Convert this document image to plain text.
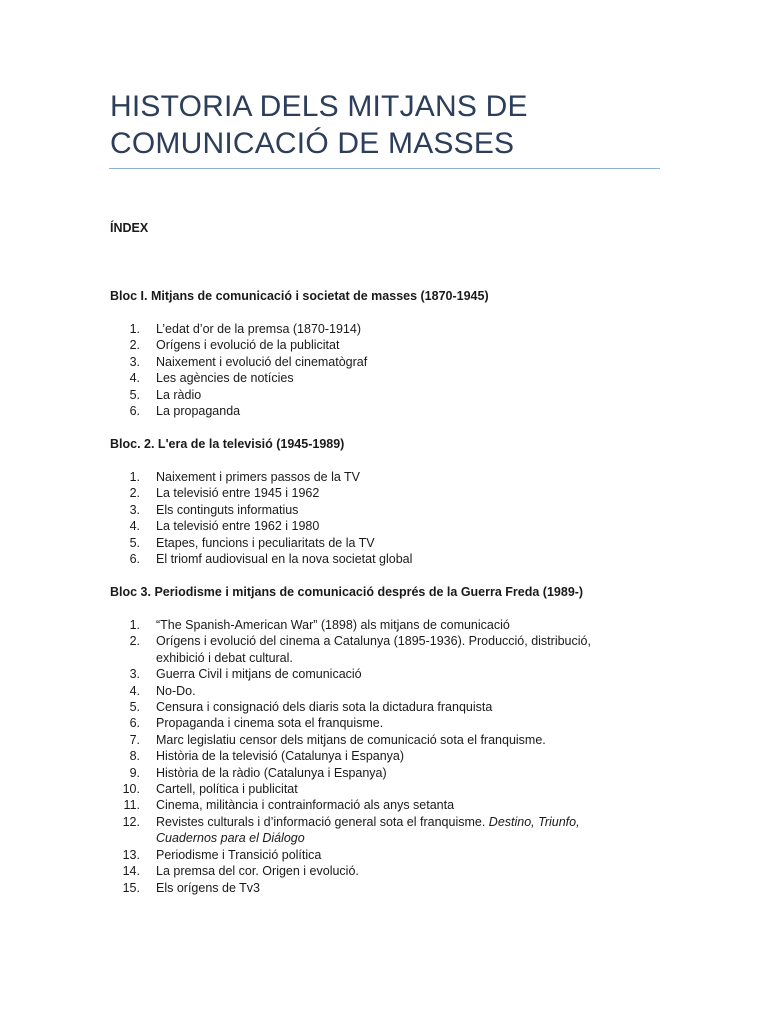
HISTORIA DELS MITJANS DE
COMUNICACIÓ DE MASSES

ÍNDEX

Bloc I. Mitjans de comunicació i societat de masses (1870-1945)

1.	L’edat d’or de la premsa (1870-1914)
2.	Orígens i evolució de la publicitat
3.	Naixement i evolució del cinematògraf
4.	Les agències de notícies
5.	La ràdio
6.	La propaganda

Bloc. 2. L'era de la televisió (1945-1989)

1.	Naixement i primers passos de la TV
2.	La televisió entre 1945 i 1962
3.	Els continguts informatius
4.	La televisió entre 1962 i 1980
5.	Etapes, funcions i peculiaritats de la TV
6.	El triomf audiovisual en la nova societat global

Bloc 3. Periodisme i mitjans de comunicació després de la Guerra Freda (1989-)

1.	“The Spanish-American War” (1898) als mitjans de comunicació
2.	Orígens i evolució del cinema a Catalunya (1895-1936). Producció, distribució, exhibició i debat cultural.
3.	Guerra Civil i mitjans de comunicació
4.	No-Do.
5.	Censura i consignació dels diaris sota la dictadura franquista
6.	Propaganda i cinema sota el franquisme.
7.	Marc legislatiu censor dels mitjans de comunicació sota el franquisme.
8.	Història de la televisió (Catalunya i Espanya)
9.	Història de la ràdio (Catalunya i Espanya)
10.	Cartell, política i publicitat
11.	Cinema, militància i contrainformació als anys setanta
12.	Revistes culturals i d’informació general sota el franquisme. Destino, Triunfo, Cuadernos para el Diálogo
13.	Periodisme i Transició política
14.	La premsa del cor. Origen i evolució.
15.	Els orígens de Tv3
